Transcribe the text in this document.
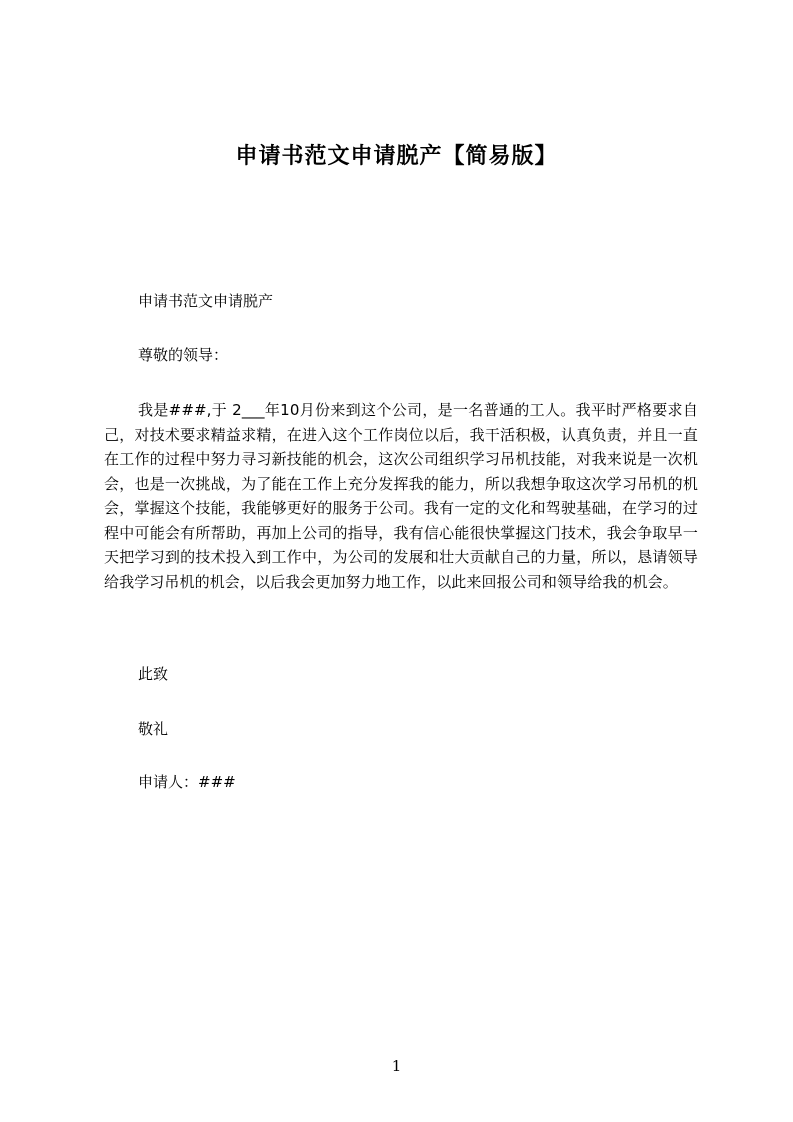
申请书范文申请脱产【简易版】
申请书范文申请脱产
尊敬的领导：
我是###,于 2___年10月份来到这个公司，是一名普通的工人。我平时严格要求自己，对技术要求精益求精，在进入这个工作岗位以后，我干活积极，认真负责，并且一直在工作的过程中努力寻习新技能的机会，这次公司组织学习吊机技能，对我来说是一次机会，也是一次挑战，为了能在工作上充分发挥我的能力，所以我想争取这次学习吊机的机会，掌握这个技能，我能够更好的服务于公司。我有一定的文化和驾驶基础，在学习的过程中可能会有所帮助，再加上公司的指导，我有信心能很快掌握这门技术，我会争取早一天把学习到的技术投入到工作中，为公司的发展和壮大贡献自己的力量，所以，恳请领导给我学习吊机的机会，以后我会更加努力地工作，以此来回报公司和领导给我的机会。
此致
敬礼
申请人：###
1
